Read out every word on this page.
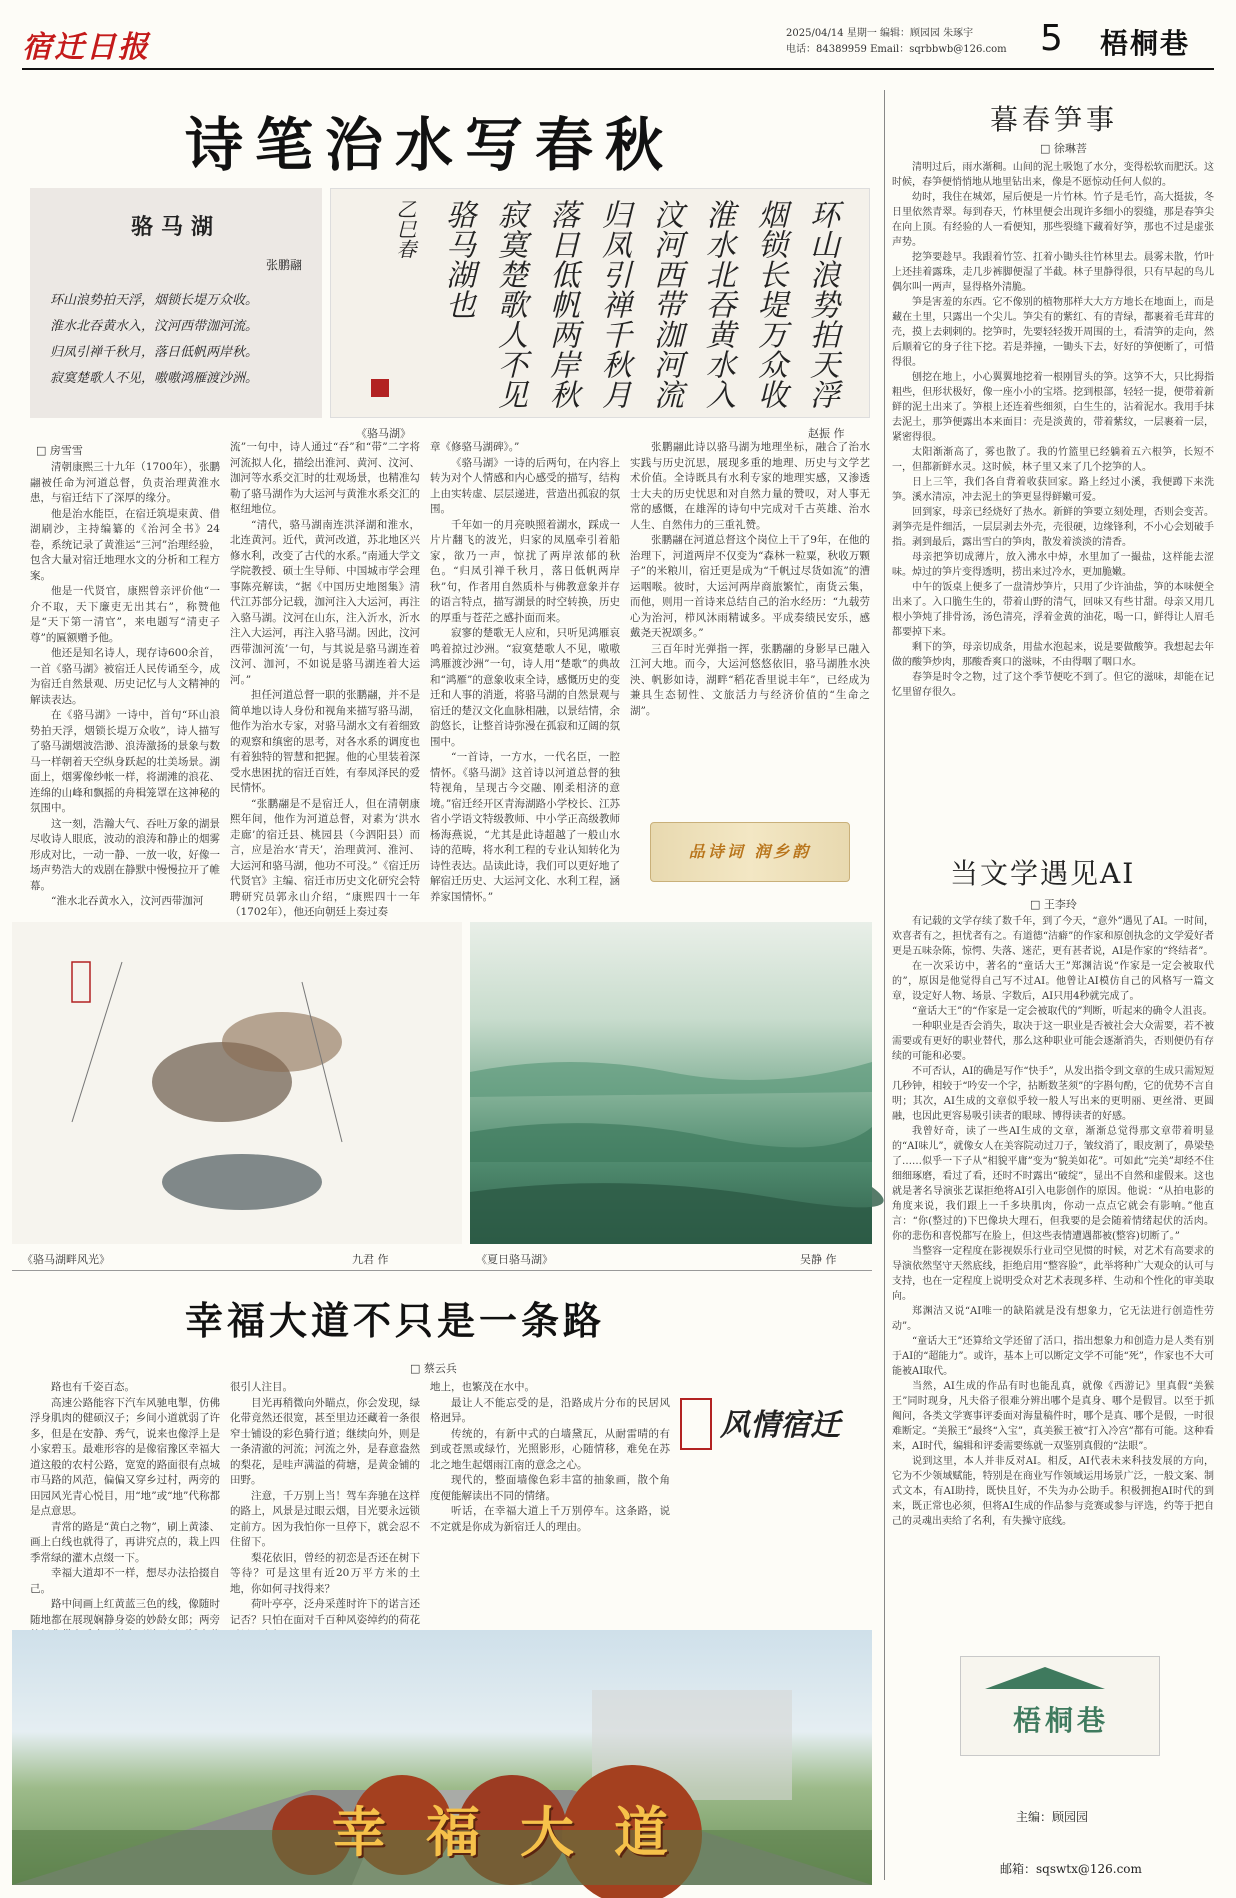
宿迁日报	2025/04/14 星期一 编辑：顾园园 朱琢宇
电话：84389959 Email：sqrbbwb@126.com 5 梧桐巷
诗笔治水写春秋
骆马湖
张鹏翮
环山浪势拍天浮，烟锁长堤万众收。
淮水北吞黄水入，汶河西带泇河流。
归凤引禅千秋月，落日低帆两岸秋。
寂寞楚歌人不见，嗷嗷鸿雁渡沙洲。	环山浪势拍天浮
烟锁长堤万众收
淮水北吞黄水入
汶河西带泇河流
归凤引禅千秋月
落日低帆两岸秋
寂寞楚歌人不见
骆马湖也
乙巳春
《骆马湖》	赵振 作
□ 房雪雪

清朝康熙三十九年（1700年），张鹏翮被任命为河道总督，负责治理黄淮水患，与宿迁结下了深厚的缘分。

他是治水能臣，在宿迁筑堤束黄、借湖刷沙，主持编纂的《治河全书》24卷，系统记录了黄淮运“三河”治理经验，包含大量对宿迁地理水文的分析和工程方案。

他是一代贤官，康熙曾亲评价他“一介不取，天下廉吏无出其右”，称赞他是“天下第一清官”，来电题写“清吏子尊”的匾额赠予他。

他还是知名诗人，现存诗600余首，一首《骆马湖》被宿迁人民传诵至今，成为宿迁自然景观、历史记忆与人文精神的解读表达。

在《骆马湖》一诗中，首句“环山浪势拍天浮，烟锁长堤万众收”，诗人描写了骆马湖烟波浩渺、浪涛激扬的景象与数马一样朝着天空纵身跃起的壮美场景。湖面上，烟雾像纱帐一样，将湖滩的浪花、连绵的山峰和飘摇的舟楫笼罩在这神秘的氛围中。

这一刻，浩瀚大气、吞吐万象的湖景尽收诗人眼底，波动的浪涛和静止的烟雾形成对比，一动一静、一放一收，好像一场声势浩大的戏剧在静默中慢慢拉开了帷幕。

“淮水北吞黄水入，汶河西带泇河

流”一句中，诗人通过“吞”和“带”二字将河流拟人化，描绘出淮河、黄河、汶河、泇河等水系交汇时的壮观场景，也精准勾勒了骆马湖作为大运河与黄淮水系交汇的枢纽地位。

“清代，骆马湖南连洪泽湖和淮水，北连黄河。近代，黄河改道，苏北地区兴修水利，改变了古代的水系。”南通大学文学院教授、硕士生导师、中国城市学会理事陈亮解读，“据《中国历史地图集》清代江苏部分记载，泇河注入大运河，再注入骆马湖。汶河在山东，注入沂水，沂水注入大运河，再注入骆马湖。因此，汶河西带泇河流’一句，与其说是骆马湖连着汶河、泇河，不如说是骆马湖连着大运河。”

担任河道总督一职的张鹏翮，并不是简单地以诗人身份和视角来描写骆马湖，他作为治水专家，对骆马湖水文有着细致的观察和缜密的思考，对各水系的调度也有着独特的智慧和把握。他的心里装着深受水患困扰的宿迁百姓，有奉凤泽民的爱民情怀。

“张鹏翮是不是宿迁人，但在清朝康熙年间，他作为河道总督，对素为‘洪水走廊’的宿迁县、桃园县（今泗阳县）而言，应是治水‘青天’，治理黄河、淮河、大运河和骆马湖，他功不可没。”《宿迁历代贤官》主编、宿迁市历史文化研究会特聘研究员郭永山介绍，“康熙四十一年（1702年），他还向朝廷上奏过奏

章《修骆马湖碑》。”

《骆马湖》一诗的后两句，在内容上转为对个人情感和内心感受的描写，结构上由实转虚、层层递进，营造出孤寂的氛围。

千年如一的月亮映照着湖水，踩成一片片翻飞的波光，归家的凤凰牵引着船家，欲乃一声，惊扰了两岸浓郁的秋色。“归凤引禅千秋月，落日低帆两岸秋”句，作者用自然质朴与佛教意象并存的语言特点，描写湖景的时空转换，历史的厚重与苍茫之感扑面而来。

寂寥的楚歌无人应和，只听见鸿雁哀鸣着掠过沙洲。“寂寞楚歌人不见，嗷嗷鸿雁渡沙洲”一句，诗人用“楚歌”的典故和“鸿雁”的意象收束全诗，感慨历史的变迁和人事的消逝，将骆马湖的自然景观与宿迁的楚汉文化血脉相融，以景结情，余韵悠长，让整首诗弥漫在孤寂和辽阔的氛围中。

“一首诗，一方水，一代名臣，一腔情怀。《骆马湖》这首诗以河道总督的独特视角，呈现古今交融、刚柔相济的意境。”宿迁经开区青海湖路小学校长、江苏省小学语文特级教师、中小学正高级教师杨海燕说，“尤其是此诗超越了一般山水诗的范畴，将水利工程的专业认知转化为诗性表达。品读此诗，我们可以更好地了解宿迁历史、大运河文化、水利工程，涵养家国情怀。”

张鹏翮此诗以骆马湖为地理坐标，融合了治水实践与历史沉思，展现多重的地理、历史与文学艺术价值。全诗既具有水利专家的地理实感，又渗透士大夫的历史忧思和对自然力量的赞叹，对人事无常的感慨，在雄浑的诗句中完成对千古英雄、治水人生、自然伟力的三重礼赞。

张鹏翮在河道总督这个岗位上干了9年，在他的治理下，河道两岸不仅变为“森林一粒粟，秋收万颗子”的米粮川，宿迁更是成为“千帆过尽货如流”的漕运咽喉。彼时，大运河两岸商旅繁忙，南货云集，而他，则用一首诗来总结自己的治水经历：“九载劳心为治河，栉风沐雨精诚多。平成奏绩民安乐，感戴尧天祝颂多。”

三百年时光弹指一挥，张鹏翮的身影早已融入江河大地。而今，大运河悠悠依旧，骆马湖胜水泱泱、帆影如诗，湖畔“稻花香里说丰年”，已经成为兼具生态韧性、文旅活力与经济价值的“生命之湖”。

品诗词 润乡韵
《骆马湖畔风光》	九君 作	《夏日骆马湖》	吴静 作
幸福大道不只是一条路
□ 蔡云兵

路也有千姿百态。

高速公路能容下汽车风驰电掣，仿佛浮身肌肉的健硕汉子；乡间小道就弱了许多，但是在安静、秀气，说来也像浮上是小家碧玉。最难形容的是像宿豫区幸福大道这般的农村公路，宽宽的路面很有点城市马路的风范，偏偏又穿乡过村，两旁的田园风光青心悦目，用“地”或“地”代称都是点意思。

青常的路是“黄白之物”，刷上黄漆、画上白线也就得了，再讲究点的，栽上四季常绿的灌木点缀一下。

幸福大道却不一样，想尽办法拾掇自己。

路中间画上红黄蓝三色的线，像随时随地都在展现娴静身姿的妙龄女郎；两旁

很引人注目。

目光再稍微向外瞄点，你会发现，绿化带竟然还很宽，甚至里边还藏着一条很窄士铺设的彩色骑行道；继续向外，则是一条清澈的河流；河流之外，是春意盎然的梨花，是哇声满溢的荷塘，是黄金铺的田野。

注意，千万别上当！驾车奔驰在这样的路上，风景是过眼云烟，目光要永远锁定前方。因为我怕你一旦停下，就会忍不住留下。

梨花依旧，曾经的初恋是否还在树下等待？可是这里有近20万平方米的土地，你如何寻找得来？

荷叶亭亭，泛舟采莲时许下的诺言还记否？只怕在面对千百种风姿绰约的荷花

地上，也繁茂在水中。

最让人不能忘受的是，沿路成片分布的民居风格迥异。

传统的，有新中式的白墙黛瓦，从耐雷晴的有到或苍黑或绿竹，光照影形，心随情移，难免在苏北之地生起烟雨江南的意念之心。

现代的，整面墙像色彩丰富的抽象画，散个角度便能解读出不同的情绪。

听话，在幸福大道上千万别停车。这条路，说不定就是你成为新宿迁人的理由。

风情宿迁
幸福大道
暮春笋事
□ 徐琳菩

清明过后，雨水渐稠。山间的泥土吸饱了水分，变得松软而肥沃。这时候，春笋便悄悄地从地里钻出来，像是不愿惊动任何人似的。

幼时，我住在城郊，屋后便是一片竹林。竹子是毛竹，高大挺拔，冬日里依然青翠。每到春天，竹林里便会出现许多细小的裂缝，那是春笋尖在向上顶。有经验的人一看便知，那些裂缝下藏着好笋，那也不过是虚张声势。

挖笋要趁早。我跟着竹笠、扛着小锄头往竹林里去。晨雾未散，竹叶上还挂着露珠，走几步裤脚便湿了半截。林子里静得很，只有早起的鸟儿偶尔叫一两声，显得格外清脆。

笋是害羞的东西。它不像别的植物那样大大方方地长在地面上，而是藏在土里，只露出一个尖儿。笋尖有的紫红、有的青绿，都裹着毛茸茸的壳，摸上去刺刺的。挖笋时，先要轻轻拨开周围的土，看清笋的走向，然后顺着它的身子往下挖。若是莽撞，一锄头下去，好好的笋便断了，可惜得很。

刨挖在地上，小心翼翼地挖着一根刚冒头的笋。这笋不大，只比拇指粗些，但形状极好，像一座小小的宝塔。挖到根部，轻轻一提，便带着新鲜的泥土出来了。笋根上还连着些细须，白生生的，沾着泥水。我用手抹去泥土，那笋便露出本来面目：壳是淡黄的，带着紫纹，一层裹着一层，紧密得很。

太阳渐渐高了，雾也散了。我的竹篮里已经躺着五六根笋，长短不一，但都新鲜水灵。这时候，林子里又来了几个挖笋的人。

日上三竿，我们各自背着收获回家。路上经过小溪，我便蹲下来洗笋。溪水清凉，冲去泥土的笋更显得鲜嫩可爱。

回到家，母亲已经烧好了热水。新鲜的笋要立刻处理，否则会变苦。剥笋壳是件细活，一层层剥去外壳，壳很硬，边缘锋利，不小心会划破手指。剥到最后，露出雪白的笋肉，散发着淡淡的清香。

母亲把笋切成薄片，放入沸水中焯，水里加了一撮盐，这样能去涩味。焯过的笋片变得透明，捞出来过冷水，更加脆嫩。

中午的饭桌上便多了一盘清炒笋片，只用了少许油盐，笋的本味便全出来了。入口脆生生的，带着山野的清气，回味又有些甘甜。母亲又用几根小笋炖了排骨汤，汤色清亮，浮着金黄的油花，喝一口，鲜得让人眉毛都要掉下来。

剩下的笋，母亲切成条，用盐水泡起来，说是要做酸笋。我想起去年做的酸笋炒肉，那酸香爽口的滋味，不由得咽了咽口水。

春笋是时令之物，过了这个季节便吃不到了。但它的滋味，却能在记忆里留存很久。

当文学遇见AI
□ 王李玲

有记载的文学存续了数千年，到了今天，“意外”遇见了AI。一时间，欢喜者有之，担忧者有之。有道德“洁癖”的作家和原创执念的文学爱好者更是五味杂陈，惊愕、失落、迷茫，更有甚者说，AI是作家的“终结者”。

在一次采访中，著名的“童话大王”郑渊洁说“作家是一定会被取代的”，原因是他觉得自己写不过AI。他曾让AI模仿自己的风格写一篇文章，设定好人物、场景、字数后，AI只用4秒就完成了。

“童话大王”的“作家是一定会被取代的”判断，听起来的确令人沮丧。

一种职业是否会消失，取决于这一职业是否被社会大众需要，若不被需要或有更好的职业替代，那么这种职业可能会逐渐消失，否则便仍有存续的可能和必要。

不可否认，AI的确是写作“快手”，从发出指令到文章的生成只需短短几秒钟，相较于“吟安一个字，拈断数茎须”的字斟句酌，它的优势不言自明；其次，AI生成的文章似乎较一般人写出来的更明丽、更丝滑、更圆融，也因此更容易吸引读者的眼球、博得读者的好感。

我曾好奇，读了一些AI生成的文章，渐渐总觉得那文章带着明显的“AI味儿”，就像女人在美容院动过刀子，皱纹消了，眼皮割了，鼻梁垫了……似乎一下子从“相貌平庸”变为“貌美如花”。可如此“完美”却经不住细细琢磨，看过了看，还时不时露出“破绽”，显出不自然和虚假来。这也就是著名导演张艺谋拒绝将AI引入电影创作的原因。他说：“从拍电影的角度来说，我们跟上一千多块肌肉，你动一点点它就会有影响。”他直言：“你(整过的)下巴像块大理石，但我要的是会随着情绪起伏的活肉。你的悲伤和喜悦都写在脸上，但这些表情遭遇都被(整容)切断了。”

当整容一定程度在影视娱乐行业司空见惯的时候，对艺术有高要求的导演依然坚守天然底线，拒绝启用“整容脸”，此举将种广大观众的认可与支持，也在一定程度上说明受众对艺术表现多样、生动和个性化的审美取向。

郑渊洁又说“AI唯一的缺陷就是没有想象力，它无法进行创造性劳动”。

“童话大王”还算给文学还留了活口，指出想象力和创造力是人类有别于AI的“超能力”。或许，基本上可以断定文学不可能“死”，作家也不大可能被AI取代。

当然，AI生成的作品有时也能乱真，就像《西游记》里真假“美猴王”同时现身，凡夫俗子很难分辨出哪个是真身、哪个是假冒。以至于抓阄问，各类文学赛事评委面对海量稿件时，哪个是真、哪个是假，一时很难断定。“美猴王”最终“入宝”，真美猴王被“打入冷宫”都有可能。这种看来，AI时代，编辑和评委需要练就一双鉴别真假的“法眼”。

说到这里，本人并非反对AI。相反，AI代表未来科技发展的方向，它为不少领域赋能，特别是在商业写作领域运用场景广泛，一般文案、制式文本，有AI助持，既快且好，不失为办公助手。积极拥抱AI时代的到来，既正常也必须，但将AI生成的作品参与竞赛或参与评选，约等于把自己的灵魂出卖给了名利，有失操守底线。

梧桐巷
主编：顾园园
邮箱：sqswtx@126.com
